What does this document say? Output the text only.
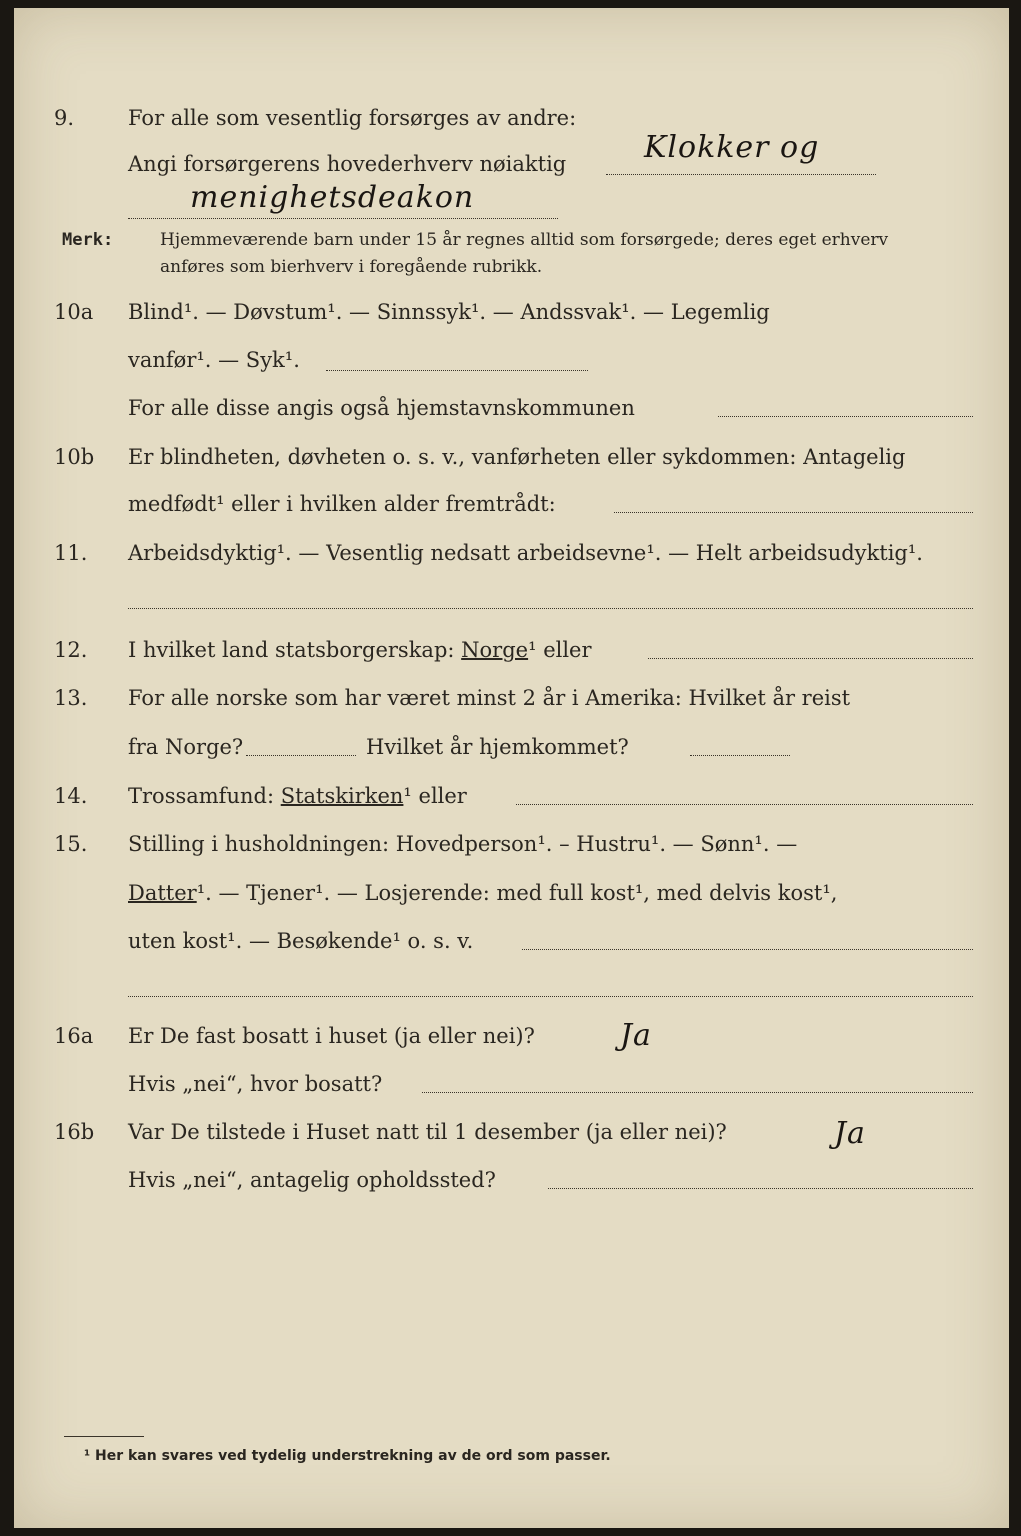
9.	For alle som vesentlig forsørges av andre:
Angi forsørgerens hovederhverv nøiaktig	Klokker og
menighetsdeakon
Merk:	Hjemmeværende barn under 15 år regnes alltid som forsørgede; deres eget erhverv
anføres som bierhverv i foregående rubrikk.
10a Blind¹. — Døvstum¹. — Sinnssyk¹. — Andssvak¹. — Legemlig
vanfør¹. — Syk¹.
For alle disse angis også hjemstavnskommunen
10b Er blindheten, døvheten o. s. v., vanførheten eller sykdommen: Antagelig
medfødt¹ eller i hvilken alder fremtrådt:
11. Arbeidsdyktig¹. — Vesentlig nedsatt arbeidsevne¹. — Helt arbeidsudyktig¹.
12. I hvilket land statsborgerskap: Norge¹ eller
13. For alle norske som har været minst 2 år i Amerika: Hvilket år reist
fra Norge?	Hvilket år hjemkommet?
14. Trossamfund: Statskirken¹ eller
15. Stilling i husholdningen: Hovedperson¹. – Hustru¹. — Sønn¹. —
Datter¹. — Tjener¹. — Losjerende: med full kost¹, med delvis kost¹,
uten kost¹. — Besøkende¹ o. s. v.
16a Er De fast bosatt i huset (ja eller nei)?	Ja
Hvis „nei“, hvor bosatt?
16b Var De tilstede i Huset natt til 1 desember (ja eller nei)?	Ja
Hvis „nei“, antagelig opholdssted?
¹ Her kan svares ved tydelig understrekning av de ord som passer.
